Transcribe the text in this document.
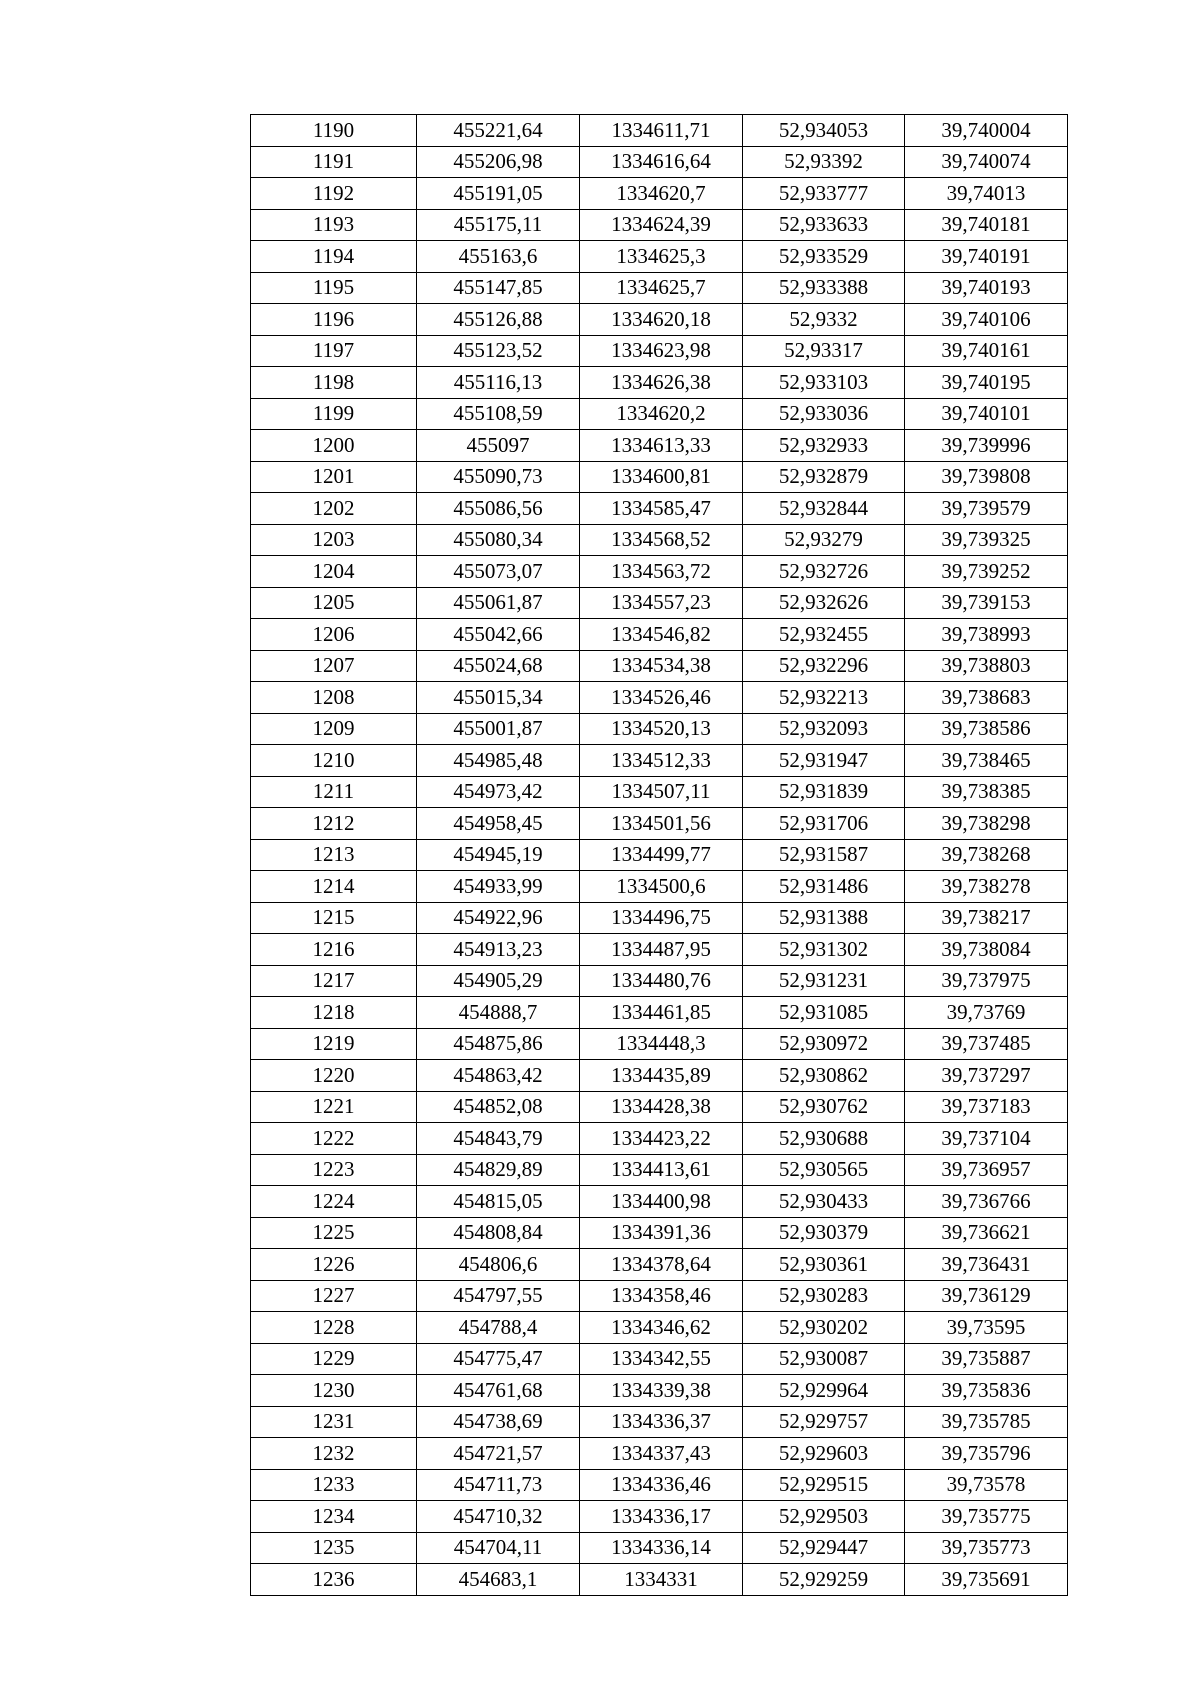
1190	455221,64	1334611,71	52,934053	39,740004
1191	455206,98	1334616,64	52,93392	39,740074
1192	455191,05	1334620,7	52,933777	39,74013
1193	455175,11	1334624,39	52,933633	39,740181
1194	455163,6	1334625,3	52,933529	39,740191
1195	455147,85	1334625,7	52,933388	39,740193
1196	455126,88	1334620,18	52,9332	39,740106
1197	455123,52	1334623,98	52,93317	39,740161
1198	455116,13	1334626,38	52,933103	39,740195
1199	455108,59	1334620,2	52,933036	39,740101
1200	455097	1334613,33	52,932933	39,739996
1201	455090,73	1334600,81	52,932879	39,739808
1202	455086,56	1334585,47	52,932844	39,739579
1203	455080,34	1334568,52	52,93279	39,739325
1204	455073,07	1334563,72	52,932726	39,739252
1205	455061,87	1334557,23	52,932626	39,739153
1206	455042,66	1334546,82	52,932455	39,738993
1207	455024,68	1334534,38	52,932296	39,738803
1208	455015,34	1334526,46	52,932213	39,738683
1209	455001,87	1334520,13	52,932093	39,738586
1210	454985,48	1334512,33	52,931947	39,738465
1211	454973,42	1334507,11	52,931839	39,738385
1212	454958,45	1334501,56	52,931706	39,738298
1213	454945,19	1334499,77	52,931587	39,738268
1214	454933,99	1334500,6	52,931486	39,738278
1215	454922,96	1334496,75	52,931388	39,738217
1216	454913,23	1334487,95	52,931302	39,738084
1217	454905,29	1334480,76	52,931231	39,737975
1218	454888,7	1334461,85	52,931085	39,73769
1219	454875,86	1334448,3	52,930972	39,737485
1220	454863,42	1334435,89	52,930862	39,737297
1221	454852,08	1334428,38	52,930762	39,737183
1222	454843,79	1334423,22	52,930688	39,737104
1223	454829,89	1334413,61	52,930565	39,736957
1224	454815,05	1334400,98	52,930433	39,736766
1225	454808,84	1334391,36	52,930379	39,736621
1226	454806,6	1334378,64	52,930361	39,736431
1227	454797,55	1334358,46	52,930283	39,736129
1228	454788,4	1334346,62	52,930202	39,73595
1229	454775,47	1334342,55	52,930087	39,735887
1230	454761,68	1334339,38	52,929964	39,735836
1231	454738,69	1334336,37	52,929757	39,735785
1232	454721,57	1334337,43	52,929603	39,735796
1233	454711,73	1334336,46	52,929515	39,73578
1234	454710,32	1334336,17	52,929503	39,735775
1235	454704,11	1334336,14	52,929447	39,735773
1236	454683,1	1334331	52,929259	39,735691
